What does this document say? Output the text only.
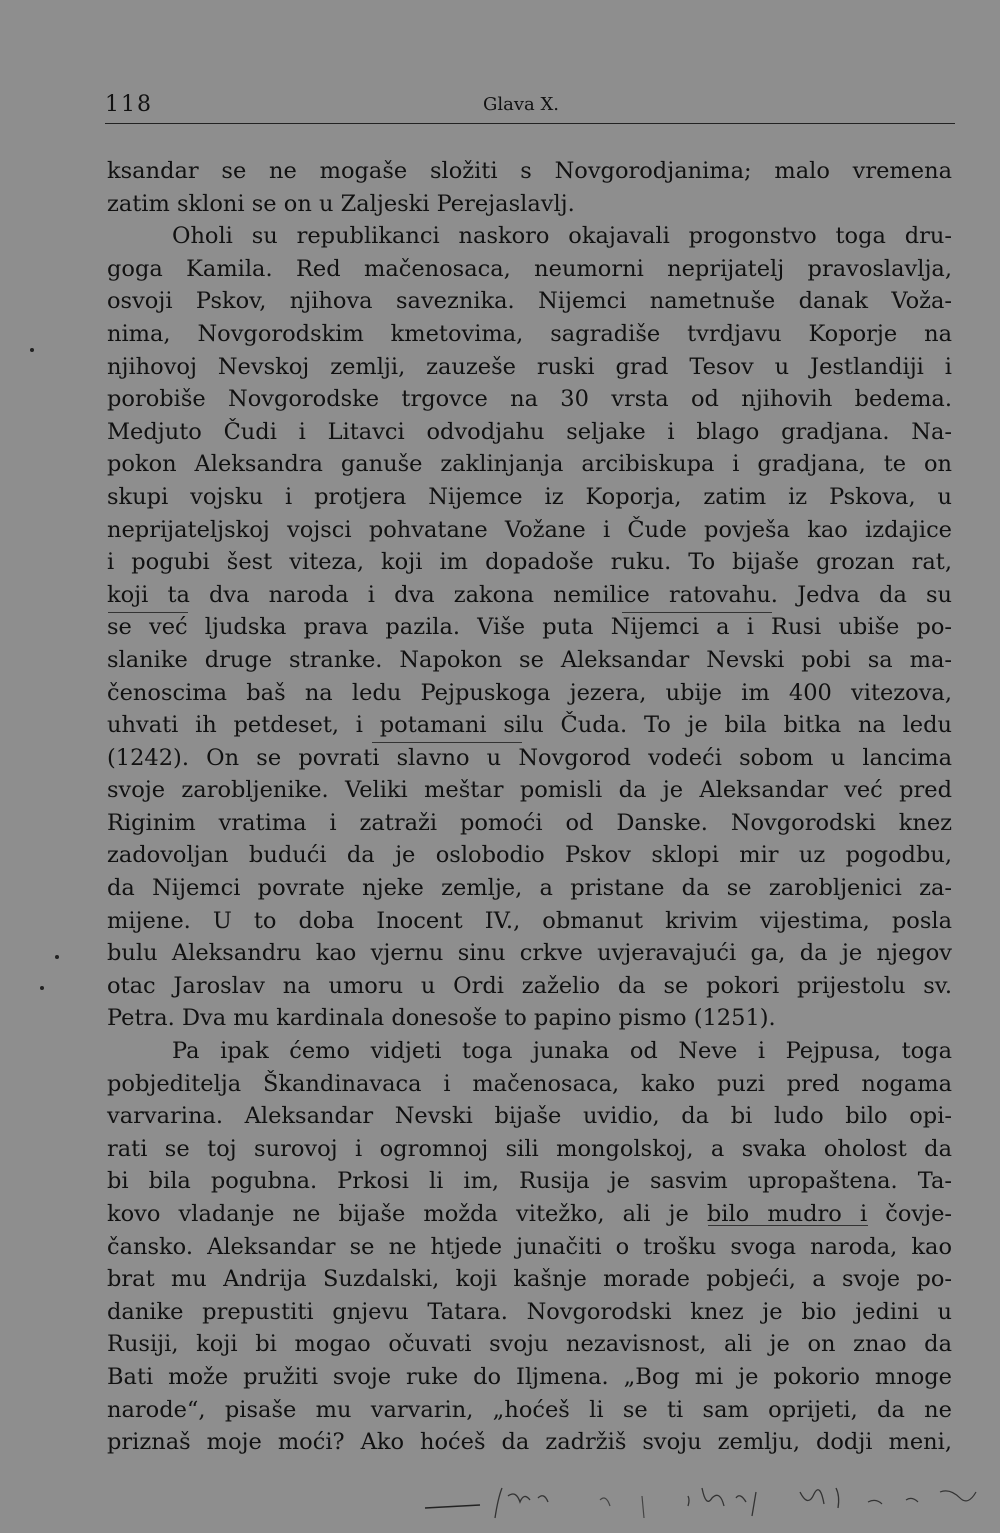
118	Glava X.
ksandar se ne mogaše složiti s Novgorodjanima; malo vremena
zatim skloni se on u Zaljeski Perejaslavlj.
Oholi su republikanci naskoro okajavali progonstvo toga dru-
goga Kamila. Red mačenosaca, neumorni neprijatelj pravoslavlja,
osvoji Pskov, njihova saveznika. Nijemci nametnuše danak Voža-
nima, Novgorodskim kmetovima, sagradiše tvrdjavu Koporje na
njihovoj Nevskoj zemlji, zauzeše ruski grad Tesov u Jestlandiji i
porobiše Novgorodske trgovce na 30 vrsta od njihovih bedema.
Medjuto Čudi i Litavci odvodjahu seljake i blago gradjana. Na-
pokon Aleksandra ganuše zaklinjanja arcibiskupa i gradjana, te on
skupi vojsku i protjera Nijemce iz Koporja, zatim iz Pskova, u
neprijateljskoj vojsci pohvatane Vožane i Čude povješa kao izdajice
i pogubi šest viteza, koji im dopadoše ruku. To bijaše grozan rat,
koji ta dva naroda i dva zakona nemilice ratovahu. Jedva da su
se već ljudska prava pazila. Više puta Nijemci a i Rusi ubiše po-
slanike druge stranke. Napokon se Aleksandar Nevski pobi sa ma-
čenoscima baš na ledu Pejpuskoga jezera, ubije im 400 vitezova,
uhvati ih petdeset, i potamani silu Čuda. To je bila bitka na ledu
(1242). On se povrati slavno u Novgorod vodeći sobom u lancima
svoje zarobljenike. Veliki meštar pomisli da je Aleksandar već pred
Riginim vratima i zatraži pomoći od Danske. Novgorodski knez
zadovoljan budući da je oslobodio Pskov sklopi mir uz pogodbu,
da Nijemci povrate njeke zemlje, a pristane da se zarobljenici za-
mijene. U to doba Inocent IV., obmanut krivim vijestima, posla
bulu Aleksandru kao vjernu sinu crkve uvjeravajući ga, da je njegov
otac Jaroslav na umoru u Ordi zaželio da se pokori prijestolu sv.
Petra. Dva mu kardinala donesoše to papino pismo (1251).
Pa ipak ćemo vidjeti toga junaka od Neve i Pejpusa, toga
pobjeditelja Škandinavaca i mačenosaca, kako puzi pred nogama
varvarina. Aleksandar Nevski bijaše uvidio, da bi ludo bilo opi-
rati se toj surovoj i ogromnoj sili mongolskoj, a svaka oholost da
bi bila pogubna. Prkosi li im, Rusija je sasvim upropaštena. Ta-
kovo vladanje ne bijaše možda vitežko, ali je bilo mudro i čovje-
čansko. Aleksandar se ne htjede junačiti o trošku svoga naroda, kao
brat mu Andrija Suzdalski, koji kašnje morade pobjeći, a svoje po-
danike prepustiti gnjevu Tatara. Novgorodski knez je bio jedini u
Rusiji, koji bi mogao očuvati svoju nezavisnost, ali je on znao da
Bati može pružiti svoje ruke do Iljmena. „Bog mi je pokorio mnoge
narode“, pisaše mu varvarin, „hoćeš li se ti sam oprijeti, da ne
priznaš moje moći? Ako hoćeš da zadržiš svoju zemlju, dodji meni,
